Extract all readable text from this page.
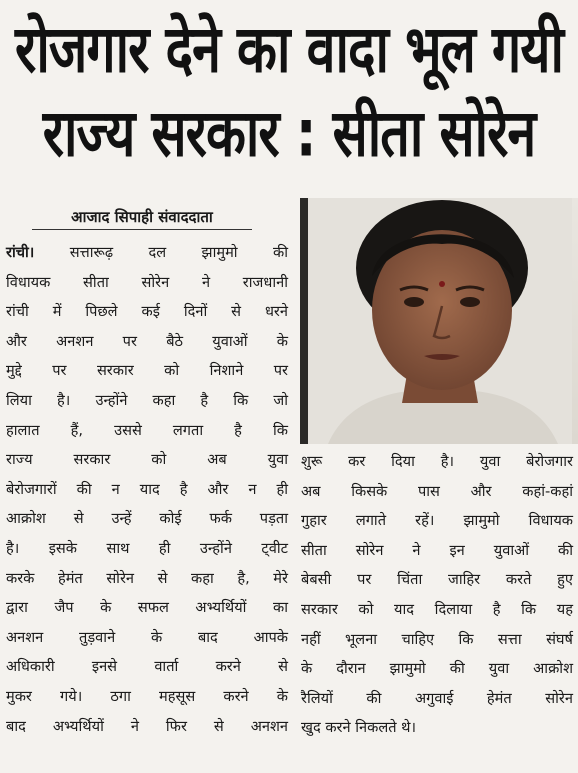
रोजगार देने का वादा भूल गयी
राज्य सरकार : सीता सोरेन
आजाद सिपाही संवाददाता
रांची। सत्तारूढ़ दल झामुमो की
विधायक सीता सोरेन ने राजधानी
रांची में पिछले कई दिनों से धरने
और अनशन पर बैठे युवाओं के
मुद्दे पर सरकार को निशाने पर
लिया है। उन्होंने कहा है कि जो
हालात हैं, उससे लगता है कि
राज्य सरकार को अब युवा
बेरोजगारों की न याद है और न ही
आक्रोश से उन्हें कोई फर्क पड़ता
है। इसके साथ ही उन्होंने ट्वीट
करके हेमंत सोरेन से कहा है, मेरे
द्वारा जैप के सफल अभ्यर्थियों का
अनशन तुड़वाने के बाद आपके
अधिकारी इनसे वार्ता करने से
मुकर गये। ठगा महसूस करने के
बाद अभ्यर्थियों ने फिर से अनशन
शुरू कर दिया है। युवा बेरोजगार
अब किसके पास और कहां-कहां
गुहार लगाते रहें। झामुमो विधायक
सीता सोरेन ने इन युवाओं की
बेबसी पर चिंता जाहिर करते हुए
सरकार को याद दिलाया है कि यह
नहीं भूलना चाहिए कि सत्ता संघर्ष
के दौरान झामुमो की युवा आक्रोश
रैलियों की अगुवाई हेमंत सोरेन
खुद करने निकलते थे।
